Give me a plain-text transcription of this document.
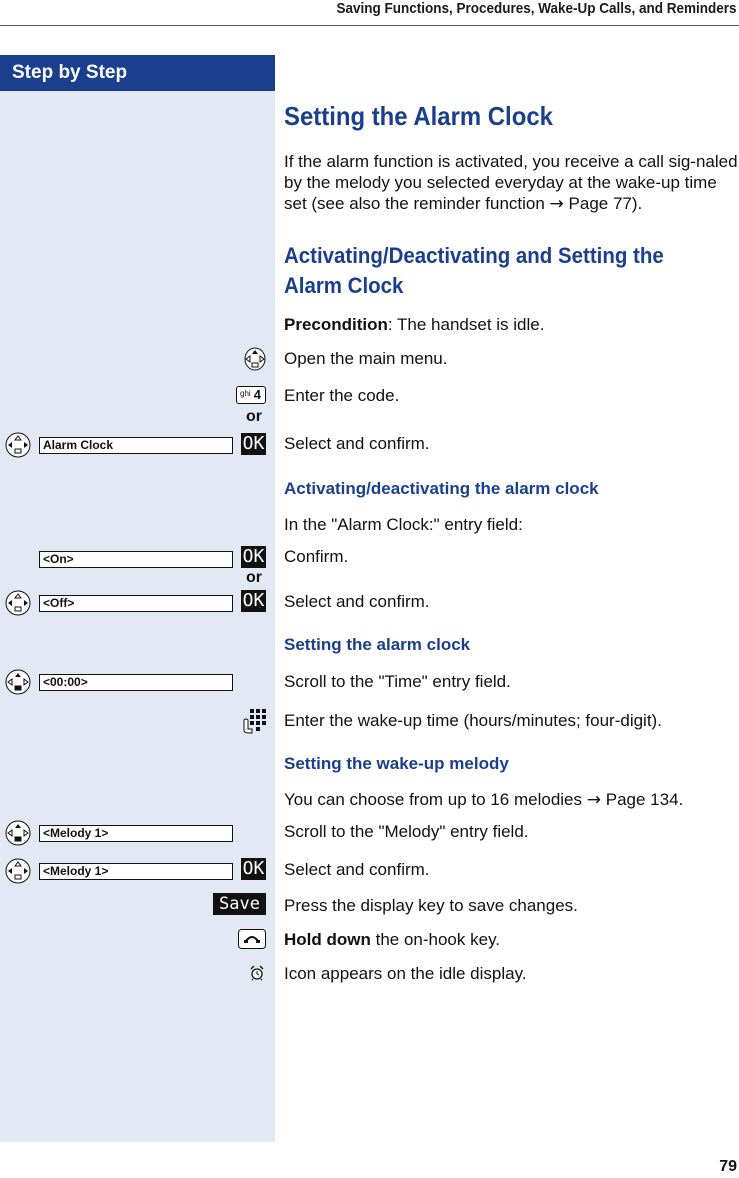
Saving Functions, Procedures, Wake-Up Calls, and Reminders
Step by Step
Setting the Alarm Clock
If the alarm function is activated, you receive a call sig-naled by the melody you selected everyday at the wake-up time set (see also the reminder function → Page 77).
Activating/Deactivating and Setting the Alarm Clock
Precondition: The handset is idle.
Open the main menu.
ghi 4 Enter the code.
or
Alarm Clock	OK Select and confirm.
Activating/deactivating the alarm clock
In the "Alarm Clock:" entry field:
<On>	OK Confirm.
or
<Off>	OK Select and confirm.
Setting the alarm clock
<00:00>	Scroll to the "Time" entry field.
Enter the wake-up time (hours/minutes; four-digit).
Setting the wake-up melody
You can choose from up to 16 melodies → Page 134.
<Melody 1>	Scroll to the "Melody" entry field.
<Melody 1>	OK Select and confirm.
Save	Press the display key to save changes.
Hold down the on-hook key.
Icon appears on the idle display.
79
